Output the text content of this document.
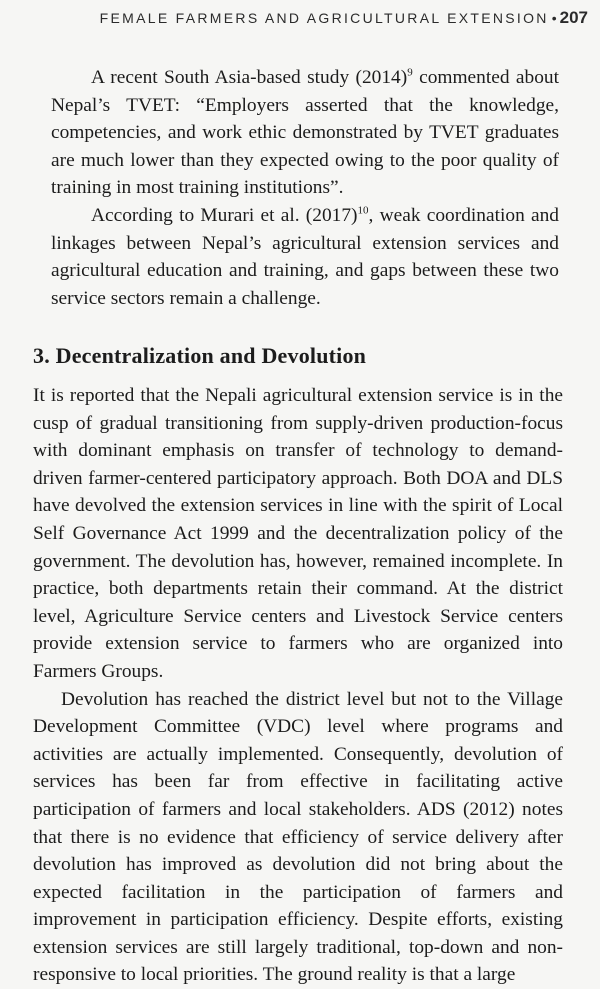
FEMALE FARMERS AND AGRICULTURAL EXTENSION • 207

A recent South Asia-based study $(2014)^9$ commented about Nepal’s TVET: “Employers asserted that the knowledge, competencies, and work ethic demonstrated by TVET graduates are much lower than they expected owing to the poor quality of training in most training institutions”.

According to Murari et al. $(2017)^{10}$, weak coordination and linkages between Nepal’s agricultural extension services and agricultural education and training, and gaps between these two service sectors remain a challenge.

3. Decentralization and Devolution

It is reported that the Nepali agricultural extension service is in the cusp of gradual transitioning from supply-driven production-focus with dominant emphasis on transfer of technology to demand-driven farmer-centered participatory approach. Both DOA and DLS have devolved the extension services in line with the spirit of Local Self Governance Act 1999 and the decentralization policy of the government. The devolution has, however, remained incomplete. In practice, both departments retain their command. At the district level, Agriculture Service centers and Livestock Service centers provide extension service to farmers who are organized into Farmers Groups.

Devolution has reached the district level but not to the Village Development Committee (VDC) level where programs and activities are actually implemented. Consequently, devolution of services has been far from effective in facilitating active participation of farmers and local stakeholders. ADS (2012) notes that there is no evidence that efficiency of service delivery after devolution has improved as devolution did not bring about the expected facilitation in the participation of farmers and improvement in participation efficiency. Despite efforts, existing extension services are still largely traditional, top-down and non-responsive to local priorities. The ground reality is that a large
